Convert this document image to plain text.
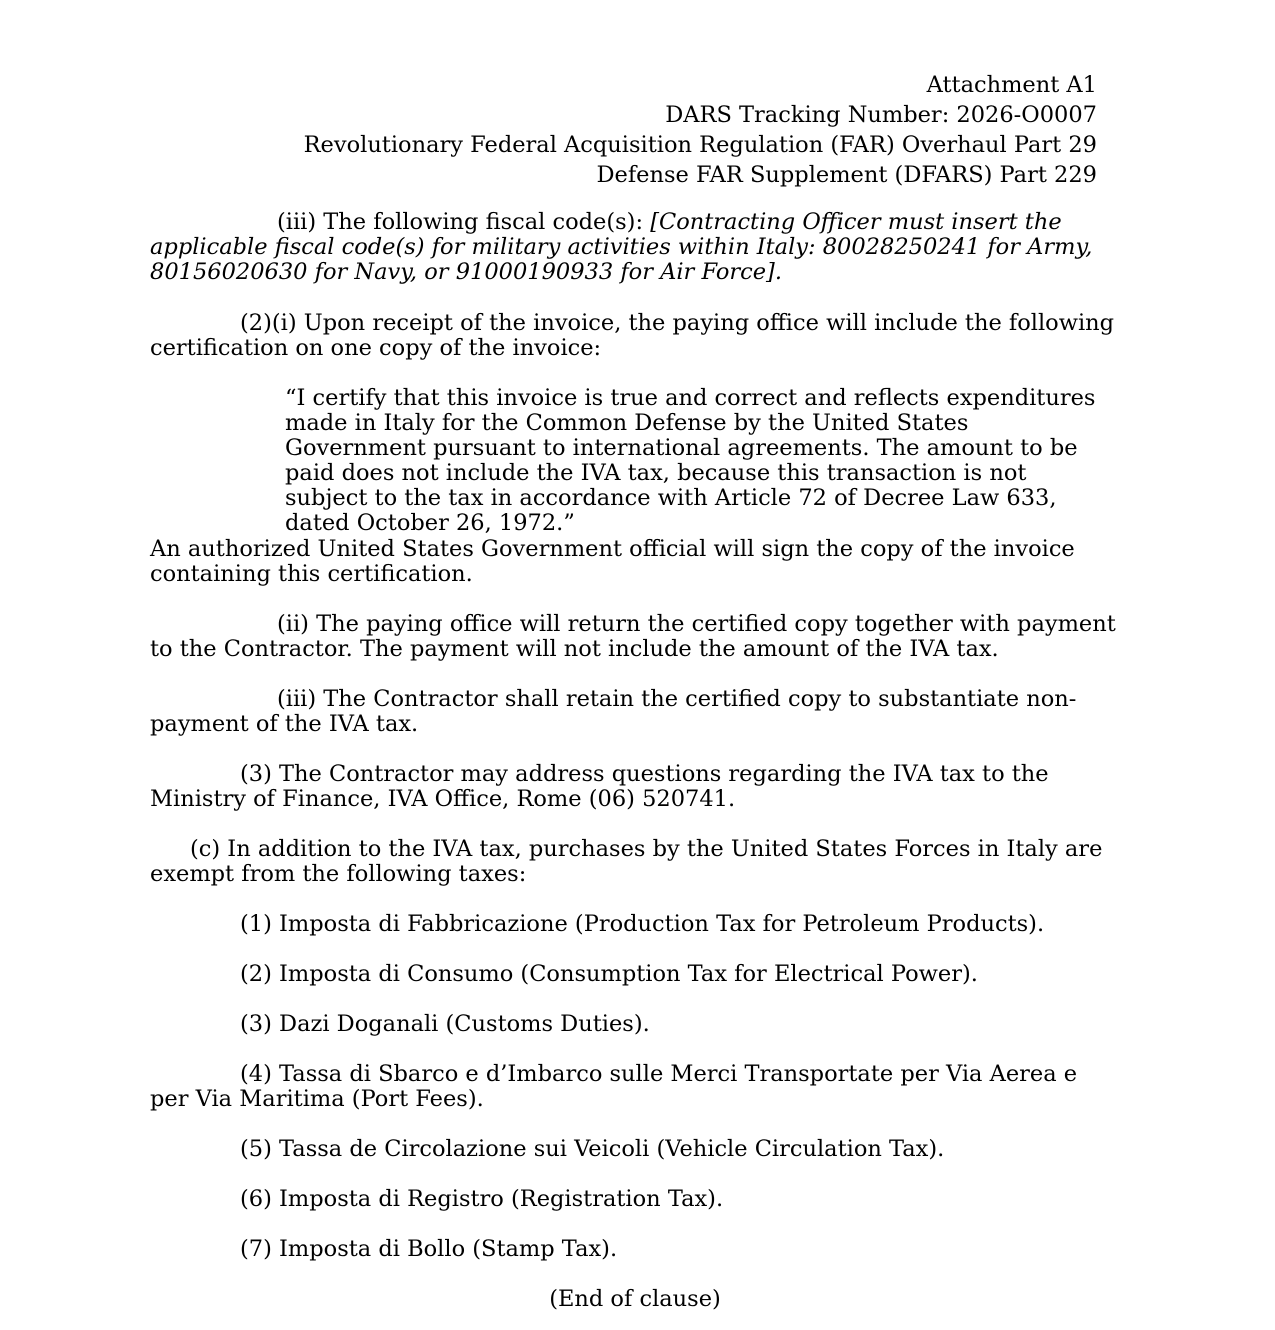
Attachment A1
DARS Tracking Number: 2026-O0007
Revolutionary Federal Acquisition Regulation (FAR) Overhaul Part 29
Defense FAR Supplement (DFARS) Part 229

(iii) The following fiscal code(s): [Contracting Officer must insert the applicable fiscal code(s) for military activities within Italy: 80028250241 for Army, 80156020630 for Navy, or 91000190933 for Air Force].

(2)(i) Upon receipt of the invoice, the paying office will include the following certification on one copy of the invoice:

“I certify that this invoice is true and correct and reflects expenditures made in Italy for the Common Defense by the United States Government pursuant to international agreements. The amount to be paid does not include the IVA tax, because this transaction is not subject to the tax in accordance with Article 72 of Decree Law 633, dated October 26, 1972.”

An authorized United States Government official will sign the copy of the invoice containing this certification.

(ii) The paying office will return the certified copy together with payment to the Contractor. The payment will not include the amount of the IVA tax.

(iii) The Contractor shall retain the certified copy to substantiate non-payment of the IVA tax.

(3) The Contractor may address questions regarding the IVA tax to the Ministry of Finance, IVA Office, Rome (06) 520741.

(c) In addition to the IVA tax, purchases by the United States Forces in Italy are exempt from the following taxes:

(1) Imposta di Fabbricazione (Production Tax for Petroleum Products).

(2) Imposta di Consumo (Consumption Tax for Electrical Power).

(3) Dazi Doganali (Customs Duties).

(4) Tassa di Sbarco e d’Imbarco sulle Merci Transportate per Via Aerea e per Via Maritima (Port Fees).

(5) Tassa de Circolazione sui Veicoli (Vehicle Circulation Tax).

(6) Imposta di Registro (Registration Tax).

(7) Imposta di Bollo (Stamp Tax).

(End of clause)
